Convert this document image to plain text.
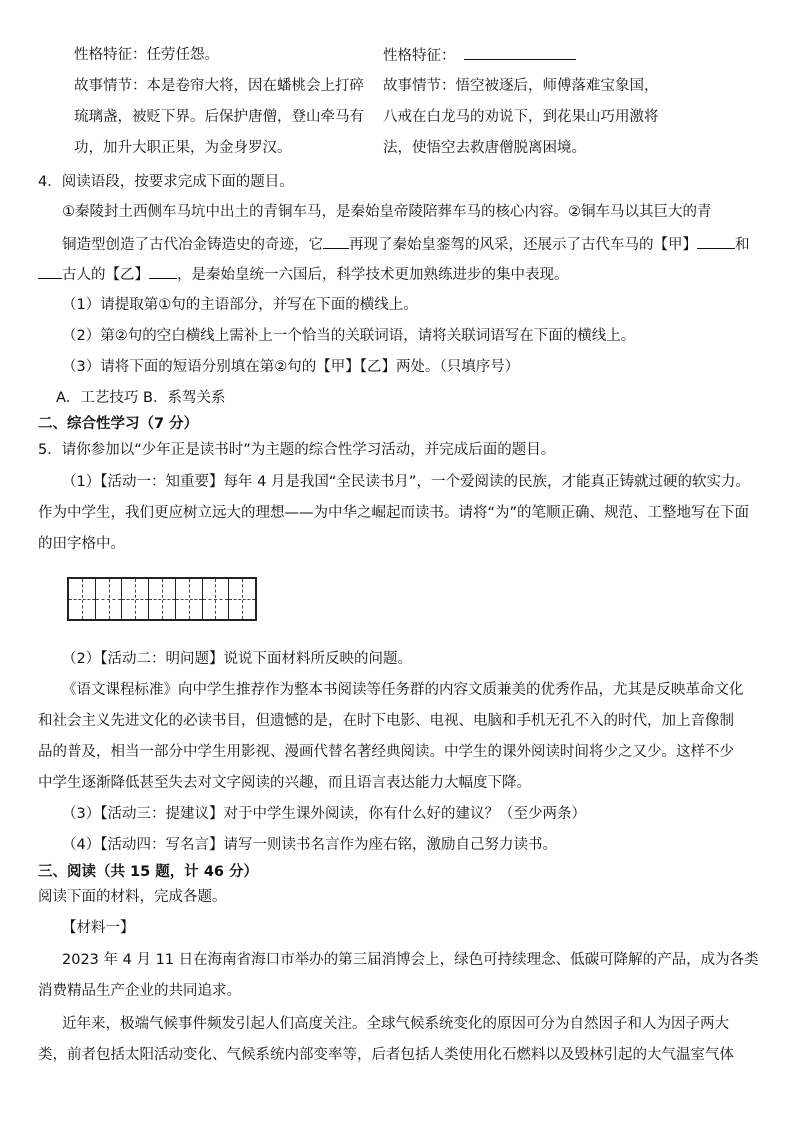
性格特征：任劳任怨。
故事情节：本是卷帘大将，因在蟠桃会上打碎
琉璃盏，被贬下界。后保护唐僧，登山牵马有
功，加升大职正果，为金身罗汉。
性格特征：
故事情节：悟空被逐后，师傅落难宝象国，
八戒在白龙马的劝说下，到花果山巧用激将
法，使悟空去救唐僧脱离困境。
4．阅读语段，按要求完成下面的题目。
①秦陵封土西侧车马坑中出土的青铜车马，是秦始皇帝陵陪葬车马的核心内容。②铜车马以其巨大的青
铜造型创造了古代冶金铸造史的奇迹，它 再现了秦始皇銮驾的风采，还展示了古代车马的【甲】	和
古人的【乙】 ，是秦始皇统一六国后，科学技术更加熟练进步的集中表现。
（1）请提取第①句的主语部分，并写在下面的横线上。
（2）第②句的空白横线上需补上一个恰当的关联词语，请将关联词语写在下面的横线上。
（3）请将下面的短语分别填在第②句的【甲】【乙】两处。（只填序号）
A．工艺技巧 B．系驾关系
二、综合性学习（7 分）
5．请你参加以“少年正是读书时”为主题的综合性学习活动，并完成后面的题目。
（1）【活动一：知重要】每年 4 月是我国“全民读书月”，一个爱阅读的民族，才能真正铸就过硬的软实力。
作为中学生，我们更应树立远大的理想——为中华之崛起而读书。请将“为”的笔顺正确、规范、工整地写在下面
的田字格中。
（2）【活动二：明问题】说说下面材料所反映的问题。
《语文课程标准》向中学生推荐作为整本书阅读等任务群的内容文质兼美的优秀作品，尤其是反映革命文化
和社会主义先进文化的必读书目，但遗憾的是，在时下电影、电视、电脑和手机无孔不入的时代，加上音像制
品的普及，相当一部分中学生用影视、漫画代替名著经典阅读。中学生的课外阅读时间将少之又少。这样不少
中学生逐渐降低甚至失去对文字阅读的兴趣，而且语言表达能力大幅度下降。
（3）【活动三：提建议】对于中学生课外阅读，你有什么好的建议？（至少两条）
（4）【活动四：写名言】请写一则读书名言作为座右铭，激励自己努力读书。
三、阅读（共 15 题，计 46 分）
阅读下面的材料，完成各题。
【材料一】
2023 年 4 月 11 日在海南省海口市举办的第三届消博会上，绿色可持续理念、低碳可降解的产品，成为各类
消费精品生产企业的共同追求。
近年来，极端气候事件频发引起人们高度关注。全球气候系统变化的原因可分为自然因子和人为因子两大
类，前者包括太阳活动变化、气候系统内部变率等，后者包括人类使用化石燃料以及毁林引起的大气温室气体
